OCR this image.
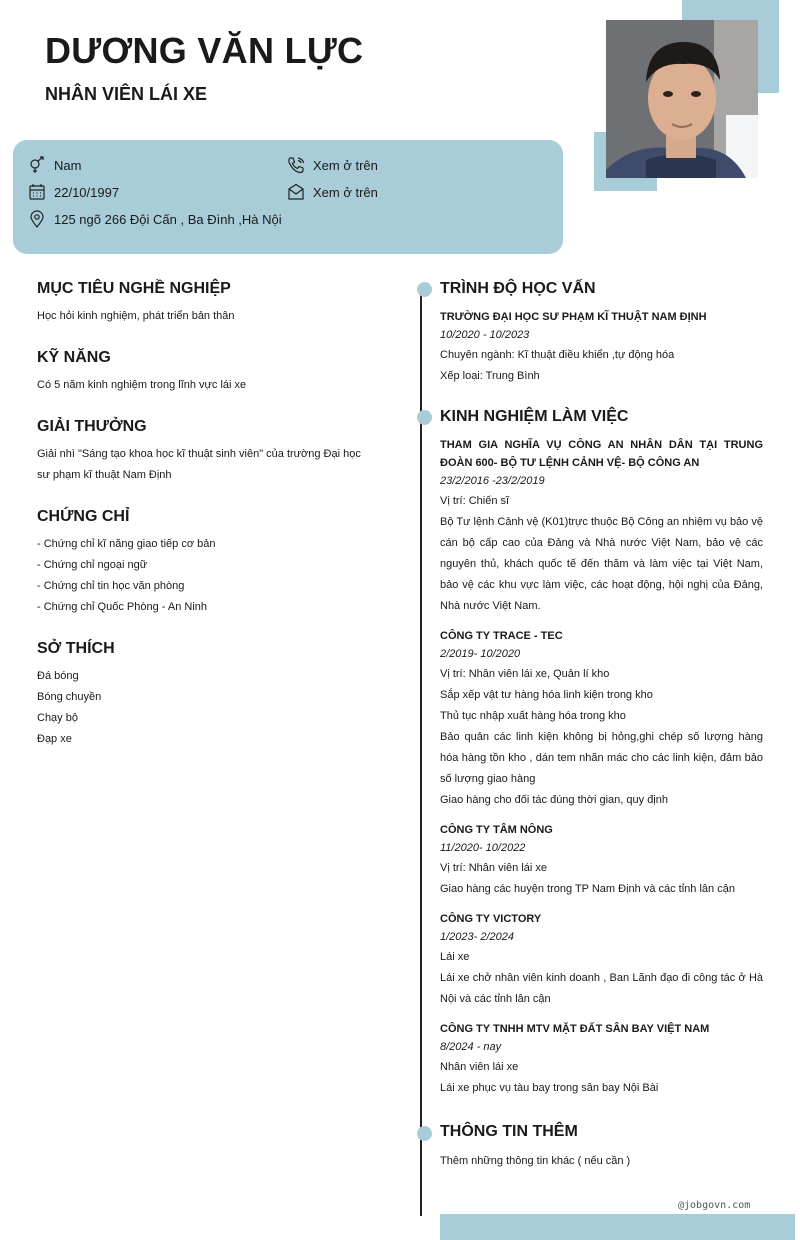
DƯƠNG VĂN LỰC
NHÂN VIÊN LÁI XE
Nam
22/10/1997
125 ngõ 266 Đội Cấn , Ba Đình ,Hà Nội
Xem ở trên
Xem ở trên
MỤC TIÊU NGHỀ NGHIỆP
Học hỏi kinh nghiệm, phát triển bản thân
KỸ NĂNG
Có 5 năm kinh nghiệm trong lĩnh vực lái xe
GIẢI THƯỞNG
Giải nhì "Sáng tạo khoa học kĩ thuật sinh viên" của trường Đại học sư phạm kĩ thuật Nam Định
CHỨNG CHỈ
- Chứng chỉ kĩ năng giao tiếp cơ bản
- Chứng chỉ ngoại ngữ
- Chứng chỉ tin học văn phòng
- Chứng chỉ Quốc Phòng - An Ninh
SỞ THÍCH
Đá bóng
Bóng chuyền
Chạy bộ
Đạp xe
TRÌNH ĐỘ HỌC VẤN
TRƯỜNG ĐẠI HỌC SƯ PHẠM KĨ THUẬT NAM ĐỊNH
10/2020 - 10/2023
Chuyên ngành: Kĩ thuật điều khiển ,tự động hóa
Xếp loại: Trung Bình
KINH NGHIỆM LÀM VIỆC
THAM GIA NGHĨA VỤ CÔNG AN NHÂN DÂN TẠI TRUNG ĐOÀN 600- BỘ TƯ LỆNH CẢNH VỆ- BỘ CÔNG AN
23/2/2016 -23/2/2019
Vị trí: Chiến sĩ
Bộ Tư lệnh Cảnh vệ (K01)trực thuộc Bộ Công an nhiệm vụ bảo vệ cán bộ cấp cao của Đảng và Nhà nước Việt Nam, bảo vệ các nguyên thủ, khách quốc tế đến thăm và làm việc tại Việt Nam, bảo vệ các khu vực làm việc, các hoạt động, hội nghị của Đảng, Nhà nước Việt Nam.
CÔNG TY TRACE - TEC
2/2019- 10/2020
Vị trí: Nhân viên lái xe, Quản lí kho
Sắp xếp vật tư hàng hóa linh kiện trong kho
Thủ tục nhập xuất hàng hóa trong kho
Bảo quản các linh kiện không bị hỏng,ghi chép số lượng hàng hóa hàng tồn kho , dán tem nhãn mác cho các linh kiện, đảm bảo số lượng giao hàng
Giao hàng cho đối tác đúng thời gian, quy định
CÔNG TY TÂM NÔNG
11/2020- 10/2022
Vị trí: Nhân viên lái xe
Giao hàng các huyện trong TP Nam Định và các tỉnh lân cận
CÔNG TY VICTORY
1/2023- 2/2024
Lái xe
Lái xe chở nhân viên kinh doanh , Ban Lãnh đạo đi công tác ở Hà Nội và các tỉnh lân cận
CÔNG TY TNHH MTV MẶT ĐẤT SÂN BAY VIỆT NAM
8/2024 - nay
Nhân viên lái xe
Lái xe phục vụ tàu bay trong sân bay Nội Bài
THÔNG TIN THÊM
Thêm những thông tin khác ( nếu cần )
@jobgovn.com
